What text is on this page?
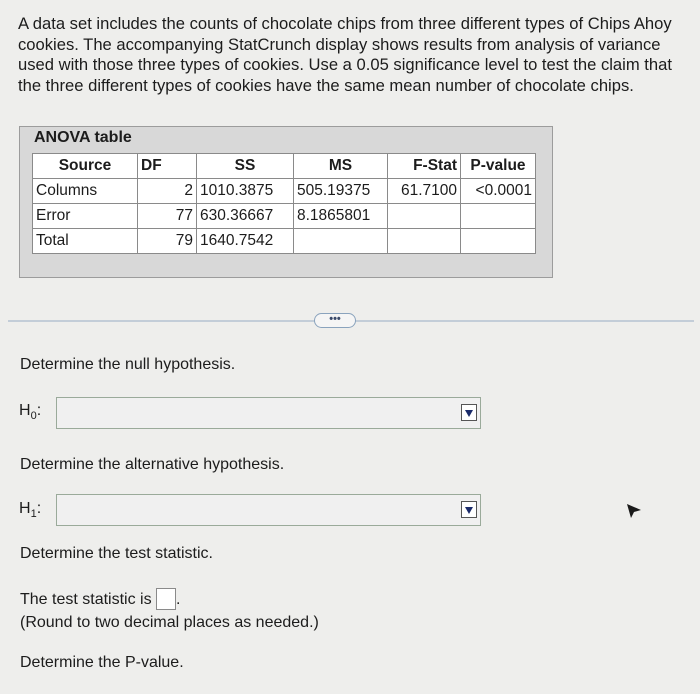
A data set includes the counts of chocolate chips from three different types of Chips Ahoy cookies. The accompanying StatCrunch display shows results from analysis of variance used with those three types of cookies. Use a 0.05 significance level to test the claim that the three different types of cookies have the same mean number of chocolate chips.
ANOVA table
Source	DF	SS	MS	F-Stat	P-value
Columns	2	1010.3875	505.19375	61.7100	<0.0001
Error	77	630.36667	8.1865801		
Total	79	1640.7542			
•••
Determine the null hypothesis.
$H_0$:
Determine the alternative hypothesis.
$H_1$:
Determine the test statistic.
The test statistic is .
(Round to two decimal places as needed.)
Determine the P-value.
